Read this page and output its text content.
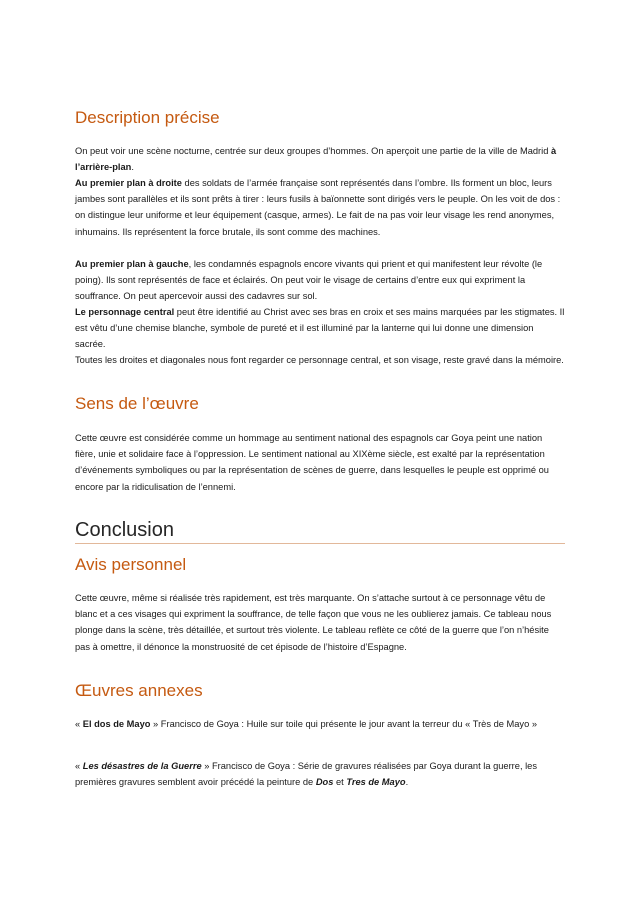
Description précise

On peut voir une scène nocturne, centrée sur deux groupes d’hommes. On aperçoit une partie de la ville de Madrid à l’arrière-plan.

Au premier plan à droite des soldats de l’armée française sont représentés dans l’ombre. Ils forment un bloc, leurs jambes sont parallèles et ils sont prêts à tirer : leurs fusils à baïonnette sont dirigés vers le peuple. On les voit de dos : on distingue leur uniforme et leur équipement (casque, armes). Le fait de na pas voir leur visage les rend anonymes, inhumains. Ils représentent la force brutale, ils sont comme des machines.

Au premier plan à gauche, les condamnés espagnols encore vivants qui prient et qui manifestent leur révolte (le poing). Ils sont représentés de face et éclairés. On peut voir le visage de certains d’entre eux qui expriment la souffrance. On peut apercevoir aussi des cadavres sur sol.

Le personnage central peut être identifié au Christ avec ses bras en croix et ses mains marquées par les stigmates. Il est vêtu d’une chemise blanche, symbole de pureté et il est illuminé par la lanterne qui lui donne une dimension sacrée.

Toutes les droites et diagonales nous font regarder ce personnage central, et son visage, reste gravé dans la mémoire.

Sens de l’œuvre

Cette œuvre est considérée comme un hommage au sentiment national des espagnols car Goya peint une nation fière, unie et solidaire face à l’oppression. Le sentiment national au XIXème siècle, est exalté par la représentation d’événements symboliques ou par la représentation de scènes de guerre, dans lesquelles le peuple est opprimé ou encore par la ridiculisation de l’ennemi.

Conclusion
Avis personnel

Cette œuvre, même si réalisée très rapidement, est très marquante. On s’attache surtout à ce personnage vêtu de blanc et a ces visages qui expriment la souffrance, de telle façon que vous ne les oublierez jamais. Ce tableau nous plonge dans la scène, très détaillée, et surtout très violente. Le tableau reflète ce côté de la guerre que l’on n’hésite pas à omettre, il dénonce la monstruosité de cet épisode de l’histoire d’Espagne.

Œuvres annexes

« El dos de Mayo » Francisco de Goya : Huile sur toile qui présente le jour avant la terreur du « Très de Mayo »

« Les désastres de la Guerre » Francisco de Goya : Série de gravures réalisées par Goya durant la guerre, les premières gravures semblent avoir précédé la peinture de Dos et Tres de Mayo.
